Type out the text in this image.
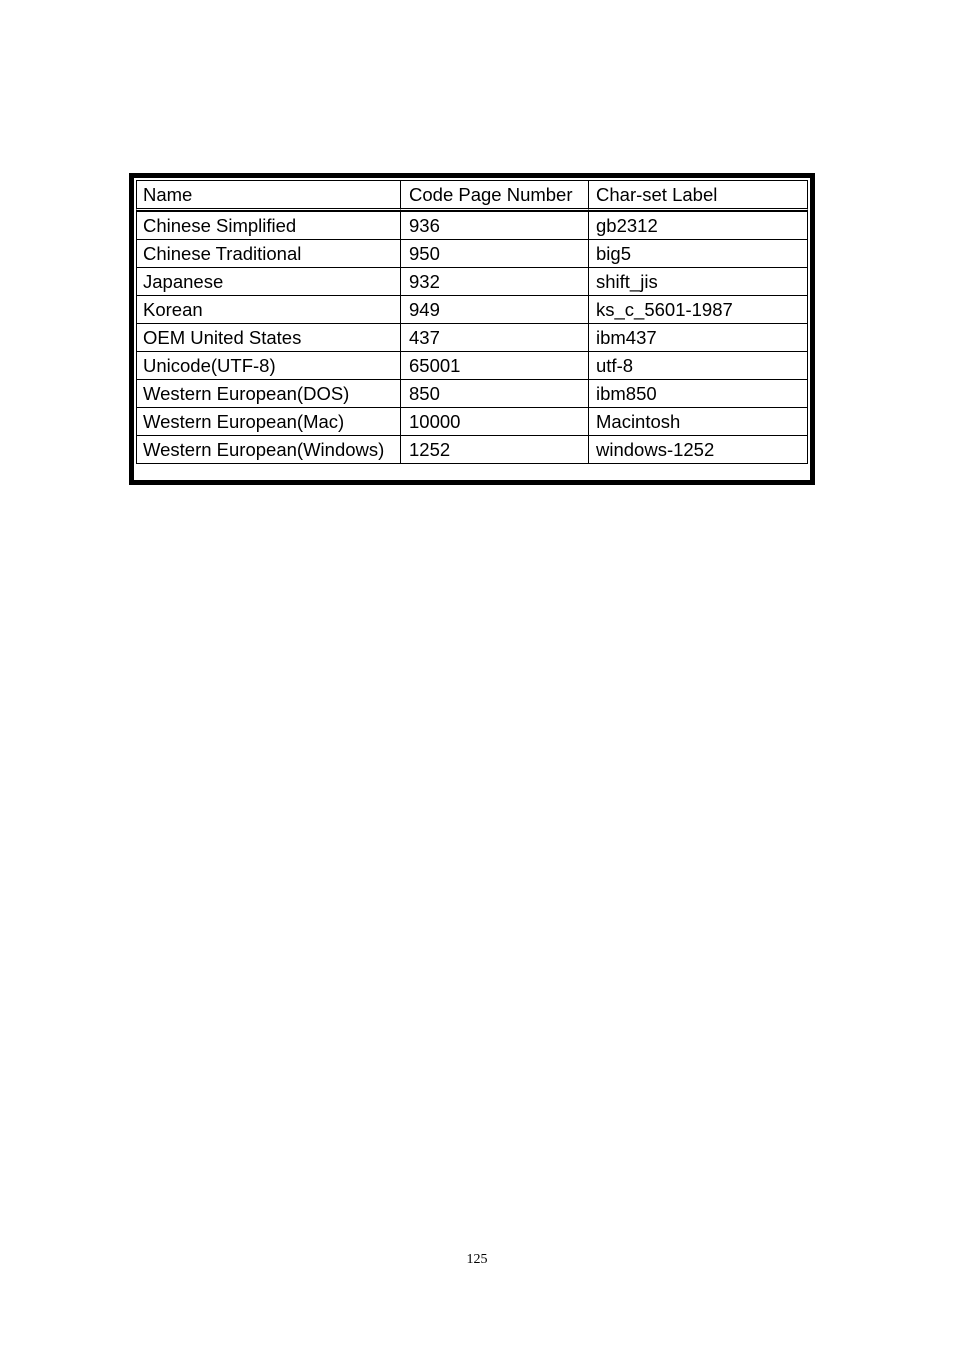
Name	Code Page Number	Char-set Label
Chinese Simplified	936	gb2312
Chinese Traditional	950	big5
Japanese	932	shift_jis
Korean	949	ks_c_5601-1987
OEM United States	437	ibm437
Unicode(UTF-8)	65001	utf-8
Western European(DOS)	850	ibm850
Western European(Mac)	10000	Macintosh
Western European(Windows)	1252	windows-1252
125
